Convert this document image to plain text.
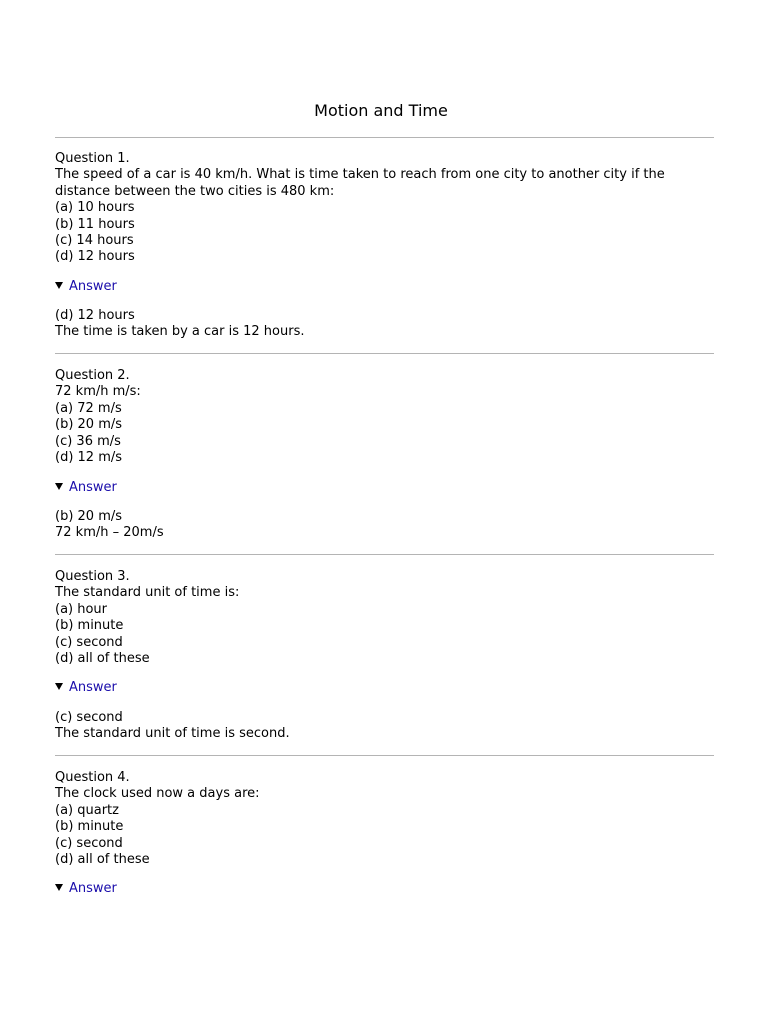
Motion and Time
Question 1.
The speed of a car is 40 km/h. What is time taken to reach from one city to another city if the
distance between the two cities is 480 km:
(a) 10 hours
(b) 11 hours
(c) 14 hours
(d) 12 hours
Answer
(d) 12 hours
The time is taken by a car is 12 hours.
Question 2.
72 km/h m/s:
(a) 72 m/s
(b) 20 m/s
(c) 36 m/s
(d) 12 m/s
Answer
(b) 20 m/s
72 km/h – 20m/s
Question 3.
The standard unit of time is:
(a) hour
(b) minute
(c) second
(d) all of these
Answer
(c) second
The standard unit of time is second.
Question 4.
The clock used now a days are:
(a) quartz
(b) minute
(c) second
(d) all of these
Answer
